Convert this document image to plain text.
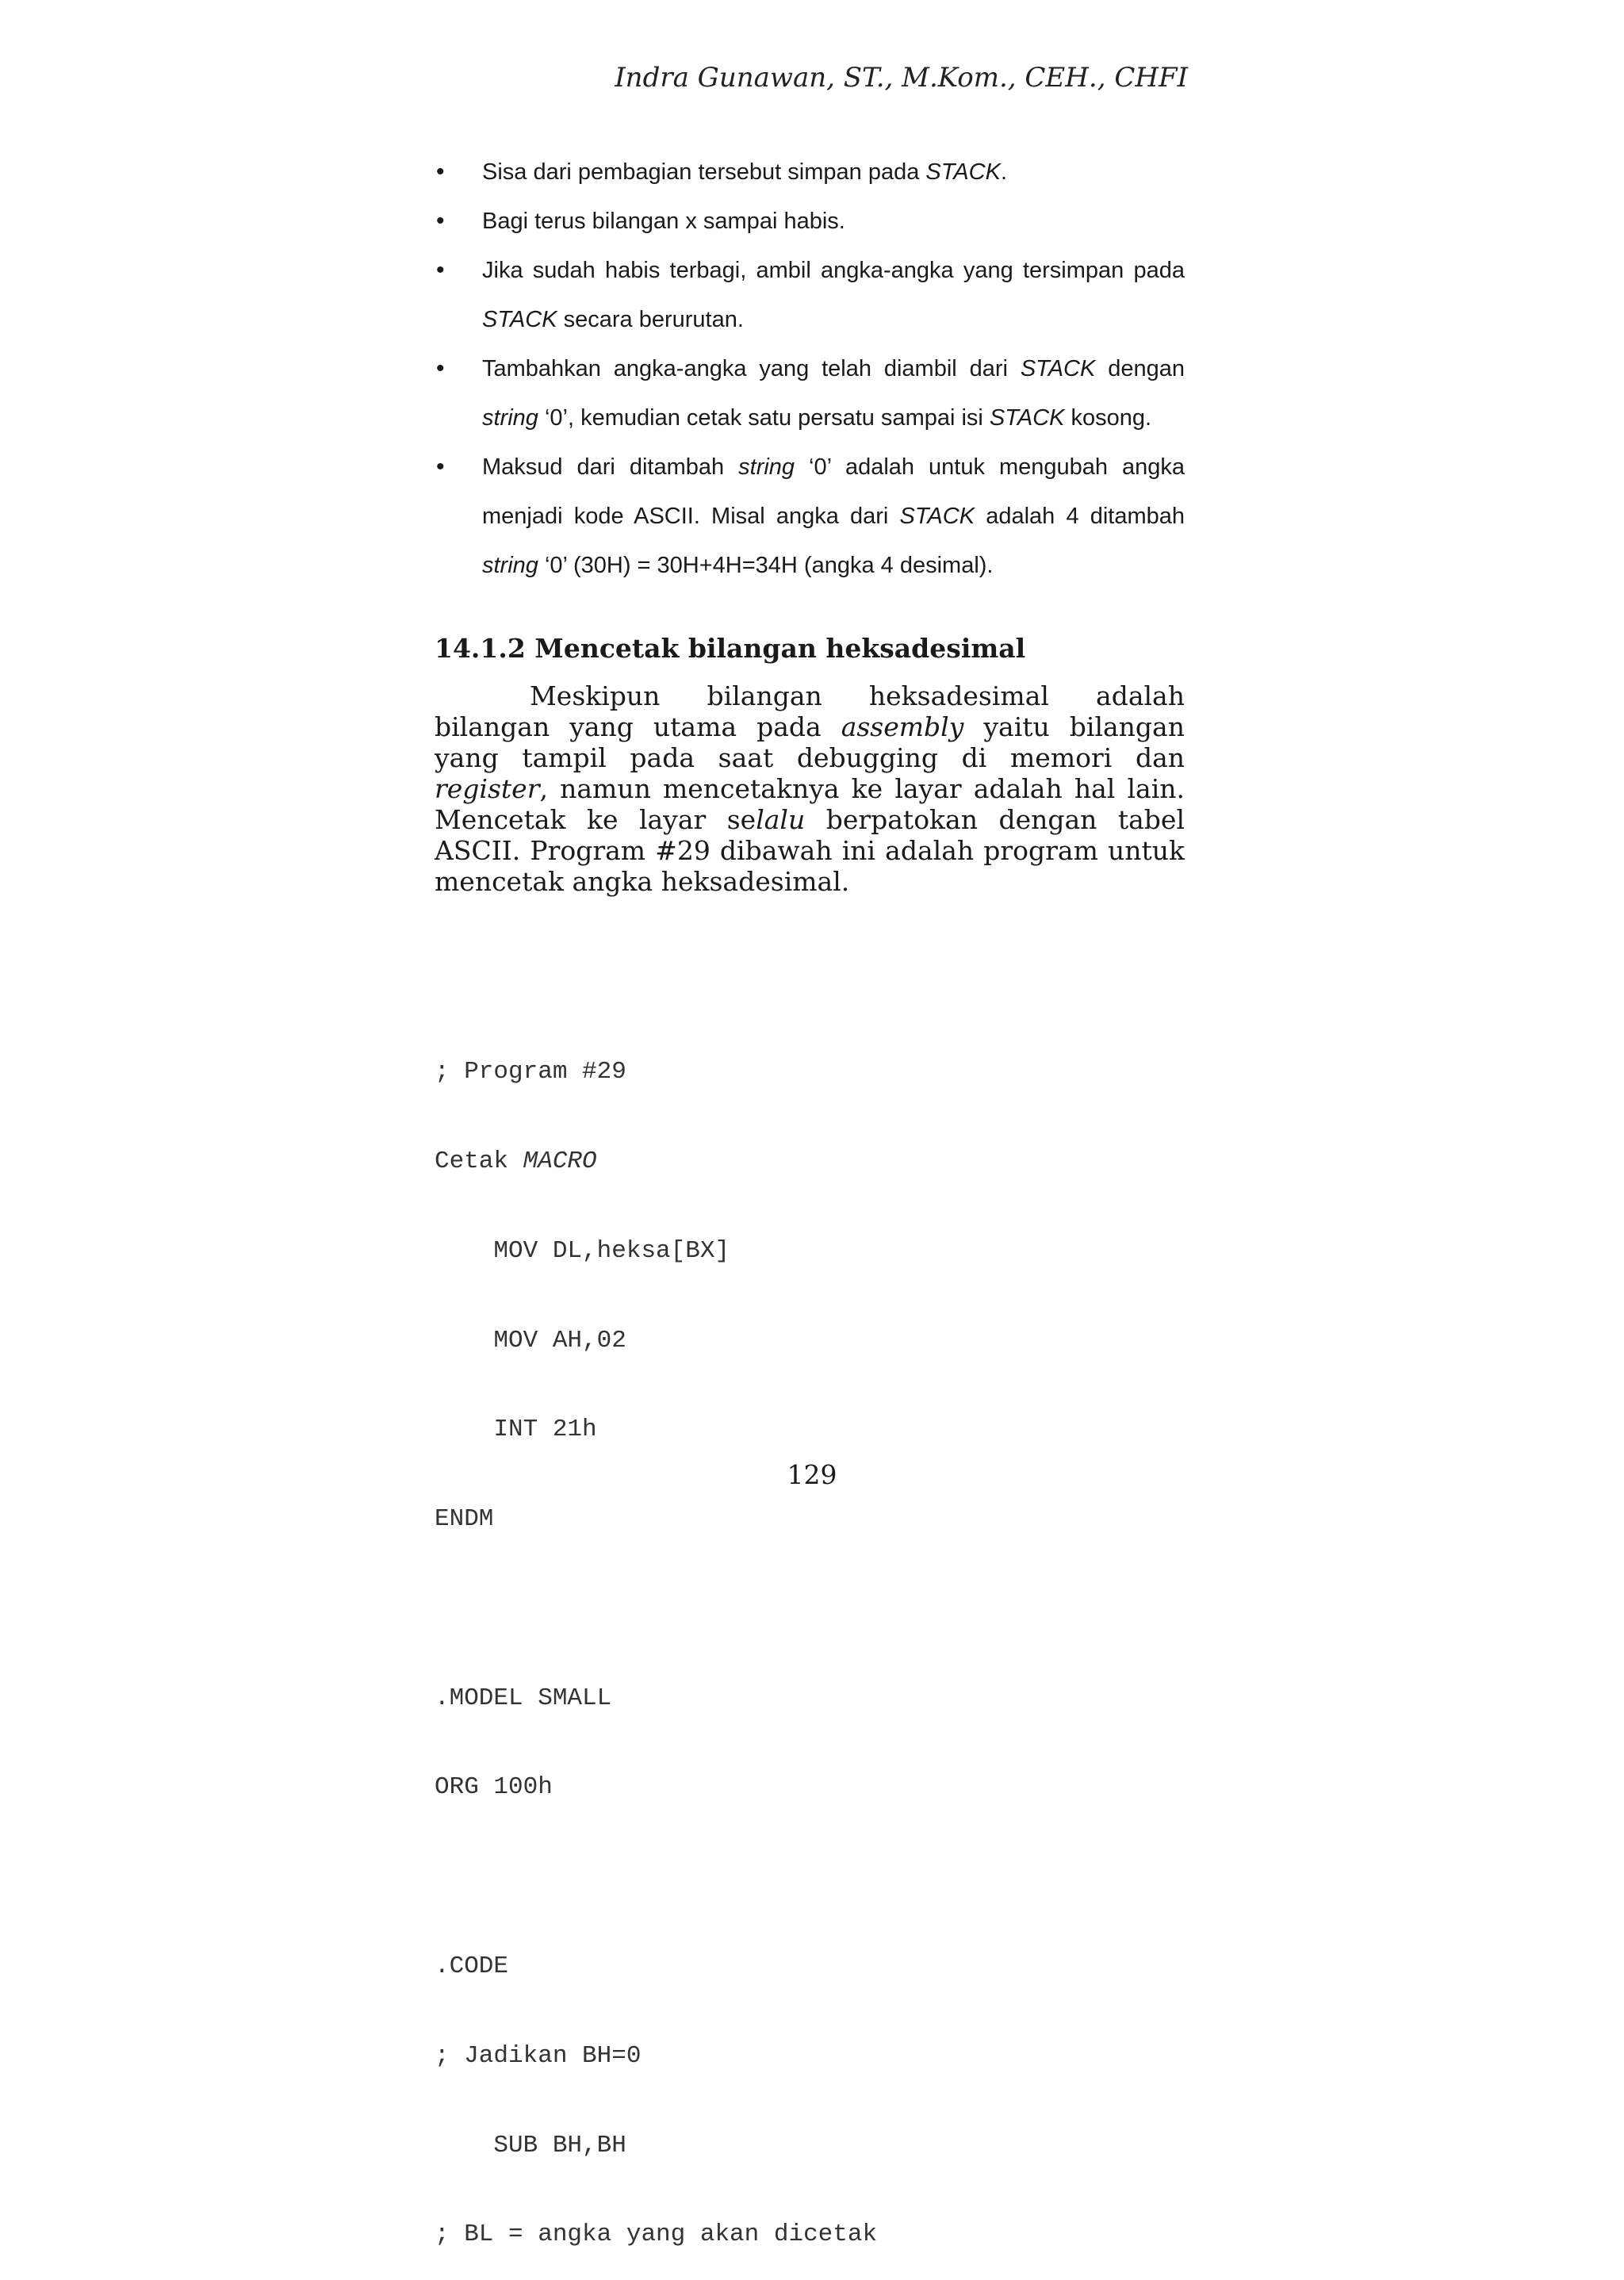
Indra Gunawan, ST., M.Kom., CEH., CHFI
• Sisa dari pembagian tersebut simpan pada STACK.
• Bagi terus bilangan x sampai habis.
• Jika sudah habis terbagi, ambil angka-angka yang tersimpan pada STACK secara berurutan.
• Tambahkan angka-angka yang telah diambil dari STACK dengan string ‘0’, kemudian cetak satu persatu sampai isi STACK kosong.
• Maksud dari ditambah string ‘0’ adalah untuk mengubah angka menjadi kode ASCII. Misal angka dari STACK adalah 4 ditambah string ‘0’ (30H) = 30H+4H=34H (angka 4 desimal).
14.1.2 Mencetak bilangan heksadesimal

Meskipun bilangan heksadesimal adalah bilangan yang utama pada assembly yaitu bilangan yang tampil pada saat debugging di memori dan register, namun mencetaknya ke layar adalah hal lain. Mencetak ke layar selalu berpatokan dengan tabel ASCII. Program #29 dibawah ini adalah program untuk mencetak angka heksadesimal.

; Program #29

Cetak MACRO

MOV DL,heksa[BX]

MOV AH,02

INT 21h

ENDM

.MODEL SMALL

ORG 100h

.CODE

; Jadikan BH=0

SUB BH,BH

; BL = angka yang akan dicetak

129
